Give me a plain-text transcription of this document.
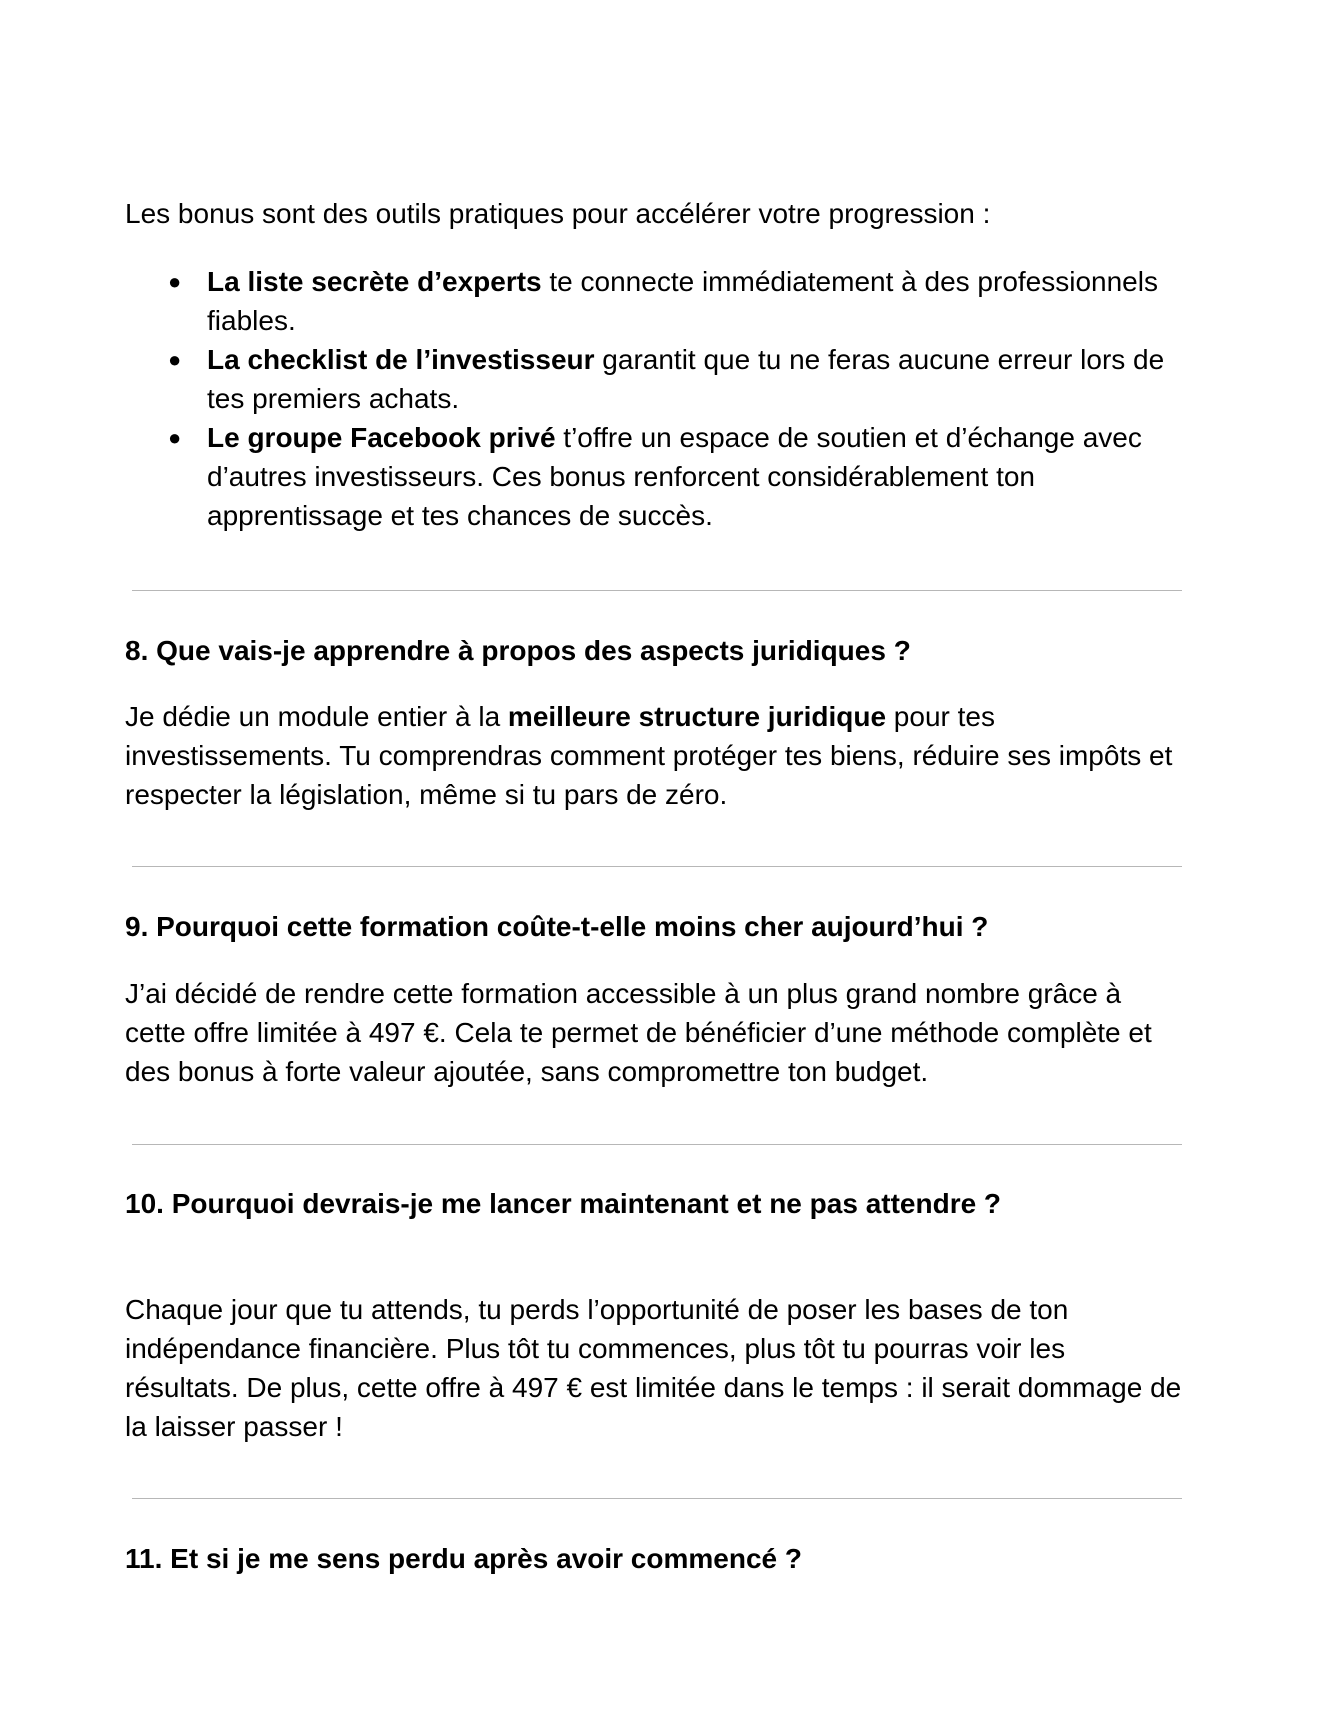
Les bonus sont des outils pratiques pour accélérer votre progression :

● La liste secrète d’experts te connecte immédiatement à des professionnels fiables.
● La checklist de l’investisseur garantit que tu ne feras aucune erreur lors de tes premiers achats.
● Le groupe Facebook privé t’offre un espace de soutien et d’échange avec d’autres investisseurs. Ces bonus renforcent considérablement ton apprentissage et tes chances de succès.

8. Que vais-je apprendre à propos des aspects juridiques ?

Je dédie un module entier à la meilleure structure juridique pour tes investissements. Tu comprendras comment protéger tes biens, réduire ses impôts et respecter la législation, même si tu pars de zéro.

9. Pourquoi cette formation coûte-t-elle moins cher aujourd’hui ?

J’ai décidé de rendre cette formation accessible à un plus grand nombre grâce à cette offre limitée à 497 €. Cela te permet de bénéficier d’une méthode complète et des bonus à forte valeur ajoutée, sans compromettre ton budget.

10. Pourquoi devrais-je me lancer maintenant et ne pas attendre ?

Chaque jour que tu attends, tu perds l’opportunité de poser les bases de ton indépendance financière. Plus tôt tu commences, plus tôt tu pourras voir les résultats. De plus, cette offre à 497 € est limitée dans le temps : il serait dommage de la laisser passer !

11. Et si je me sens perdu après avoir commencé ?
